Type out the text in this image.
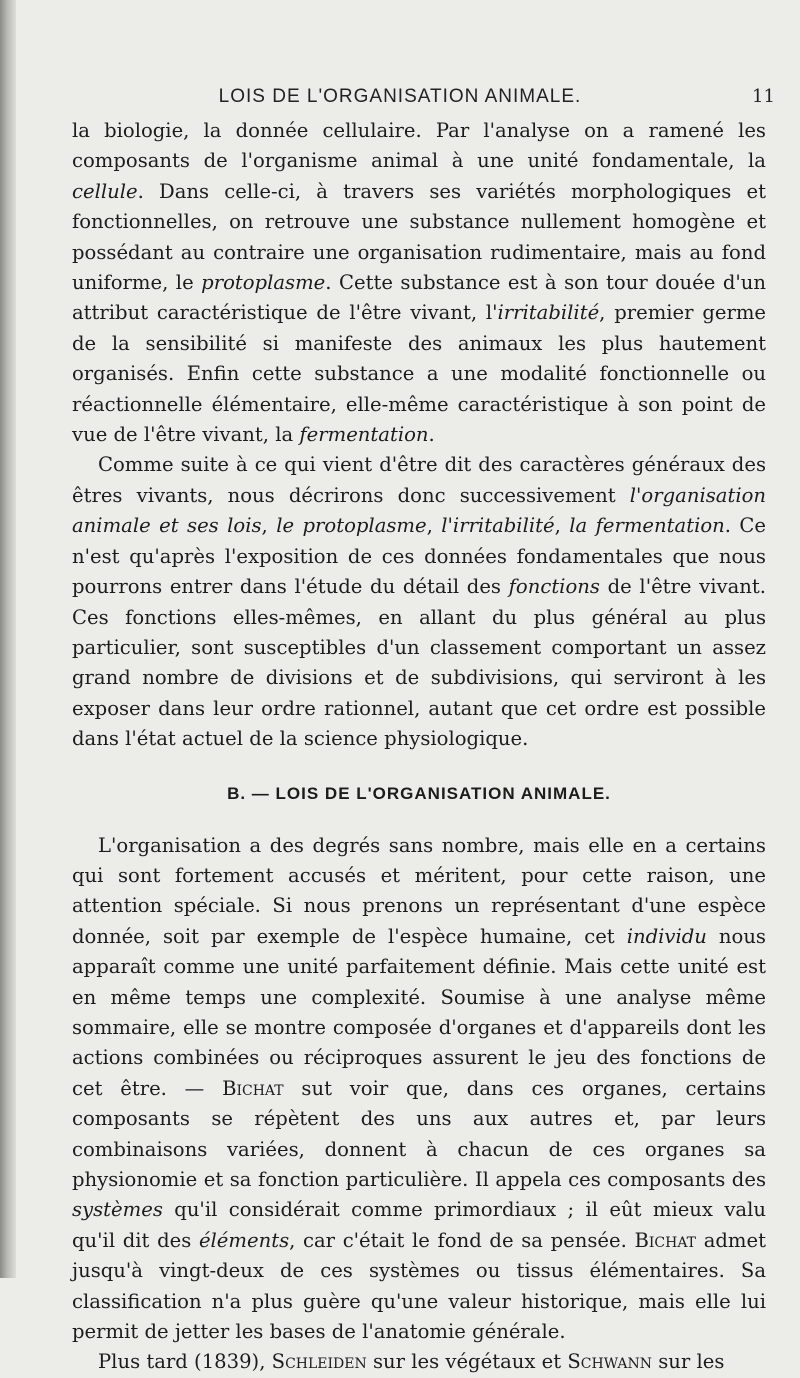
LOIS DE L'ORGANISATION ANIMALE.	11

la biologie, la donnée cellulaire. Par l'analyse on a ramené les composants de l'organisme animal à une unité fondamentale, la cellule. Dans celle-ci, à travers ses variétés morphologiques et fonctionnelles, on retrouve une substance nullement homogène et possédant au contraire une organisation rudimentaire, mais au fond uniforme, le protoplasme. Cette substance est à son tour douée d'un attribut caractéristique de l'être vivant, l'irritabilité, premier germe de la sensibilité si manifeste des animaux les plus hautement organisés. Enfin cette substance a une modalité fonctionnelle ou réactionnelle élémentaire, elle-même caractéristique à son point de vue de l'être vivant, la fermentation.

Comme suite à ce qui vient d'être dit des caractères généraux des êtres vivants, nous décrirons donc successivement l'organisation animale et ses lois, le protoplasme, l'irritabilité, la fermentation. Ce n'est qu'après l'exposition de ces données fondamentales que nous pourrons entrer dans l'étude du détail des fonctions de l'être vivant. Ces fonctions elles-mêmes, en allant du plus général au plus particulier, sont susceptibles d'un classement comportant un assez grand nombre de divisions et de subdivisions, qui serviront à les exposer dans leur ordre rationnel, autant que cet ordre est possible dans l'état actuel de la science physiologique.

B. — LOIS DE L'ORGANISATION ANIMALE.

L'organisation a des degrés sans nombre, mais elle en a certains qui sont fortement accusés et méritent, pour cette raison, une attention spéciale. Si nous prenons un représentant d'une espèce donnée, soit par exemple de l'espèce humaine, cet individu nous apparaît comme une unité parfaitement définie. Mais cette unité est en même temps une complexité. Soumise à une analyse même sommaire, elle se montre composée d'organes et d'appareils dont les actions combinées ou réciproques assurent le jeu des fonctions de cet être. — Bichat sut voir que, dans ces organes, certains composants se répètent des uns aux autres et, par leurs combinaisons variées, donnent à chacun de ces organes sa physionomie et sa fonction particulière. Il appela ces composants des systèmes qu'il considérait comme primordiaux ; il eût mieux valu qu'il dit des éléments, car c'était le fond de sa pensée. Bichat admet jusqu'à vingt-deux de ces systèmes ou tissus élémentaires. Sa classification n'a plus guère qu'une valeur historique, mais elle lui permit de jetter les bases de l'anatomie générale.

Plus tard (1839), Schleiden sur les végétaux et Schwann sur les
